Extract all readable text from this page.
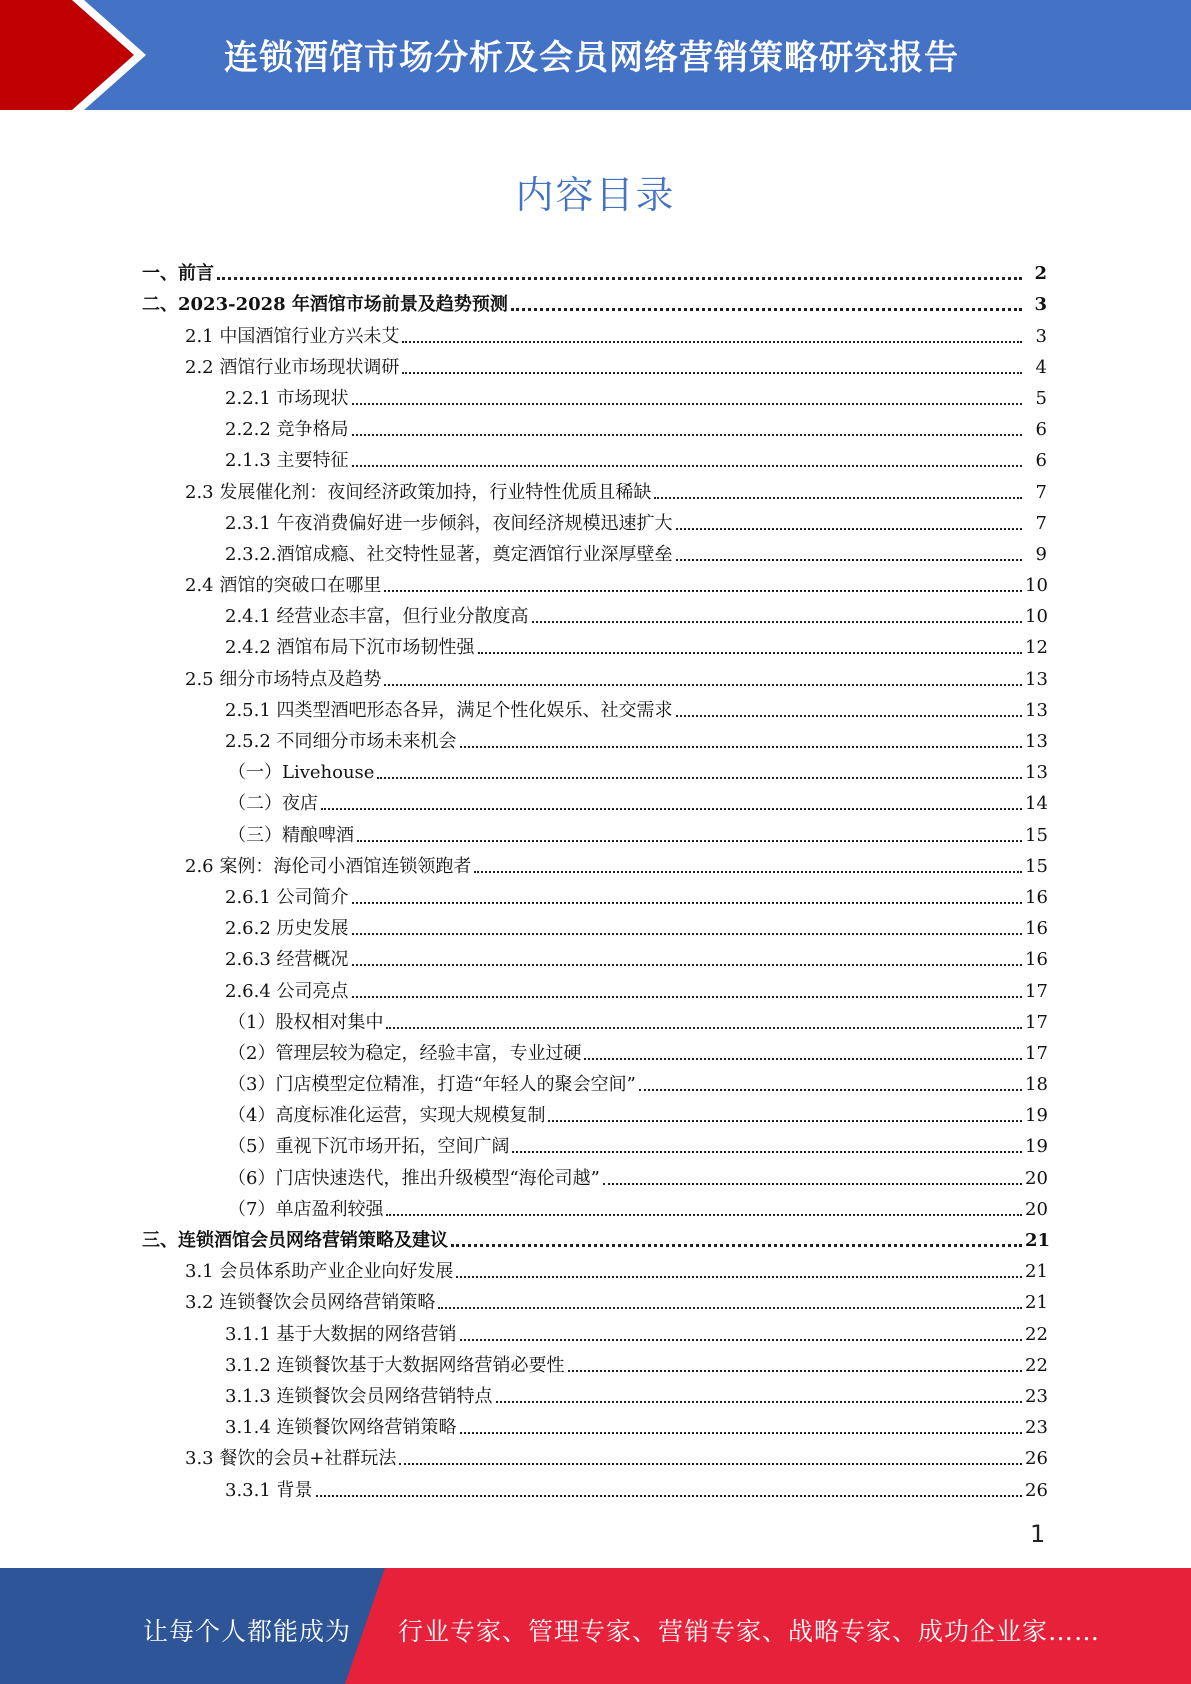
连锁酒馆市场分析及会员网络营销策略研究报告
内容目录
一、前言	2
二、2023-2028 年酒馆市场前景及趋势预测	3
2.1 中国酒馆行业方兴未艾	3
2.2 酒馆行业市场现状调研	4
2.2.1 市场现状	5
2.2.2 竞争格局	6
2.1.3 主要特征	6
2.3 发展催化剂：夜间经济政策加持，行业特性优质且稀缺	7
2.3.1 午夜消费偏好进一步倾斜，夜间经济规模迅速扩大	7
2.3.2.酒馆成瘾、社交特性显著，奠定酒馆行业深厚壁垒	9
2.4 酒馆的突破口在哪里	10
2.4.1 经营业态丰富，但行业分散度高	10
2.4.2 酒馆布局下沉市场韧性强	12
2.5 细分市场特点及趋势	13
2.5.1 四类型酒吧形态各异，满足个性化娱乐、社交需求	13
2.5.2 不同细分市场未来机会	13
（一）Livehouse	13
（二）夜店	14
（三）精酿啤酒	15
2.6 案例：海伦司小酒馆连锁领跑者	15
2.6.1 公司简介	16
2.6.2 历史发展	16
2.6.3 经营概况	16
2.6.4 公司亮点	17
（1）股权相对集中	17
（2）管理层较为稳定，经验丰富，专业过硬	17
（3）门店模型定位精准，打造“年轻人的聚会空间”	18
（4）高度标准化运营，实现大规模复制	19
（5）重视下沉市场开拓，空间广阔	19
（6）门店快速迭代，推出升级模型“海伦司越”	20
（7）单店盈利较强	20
三、连锁酒馆会员网络营销策略及建议	21
3.1 会员体系助产业企业向好发展	21
3.2 连锁餐饮会员网络营销策略	21
3.1.1 基于大数据的网络营销	22
3.1.2 连锁餐饮基于大数据网络营销必要性	22
3.1.3 连锁餐饮会员网络营销特点	23
3.1.4 连锁餐饮网络营销策略	23
3.3 餐饮的会员+社群玩法	26
3.3.1 背景	26
1
让每个人都能成为 行业专家、管理专家、营销专家、战略专家、成功企业家……
